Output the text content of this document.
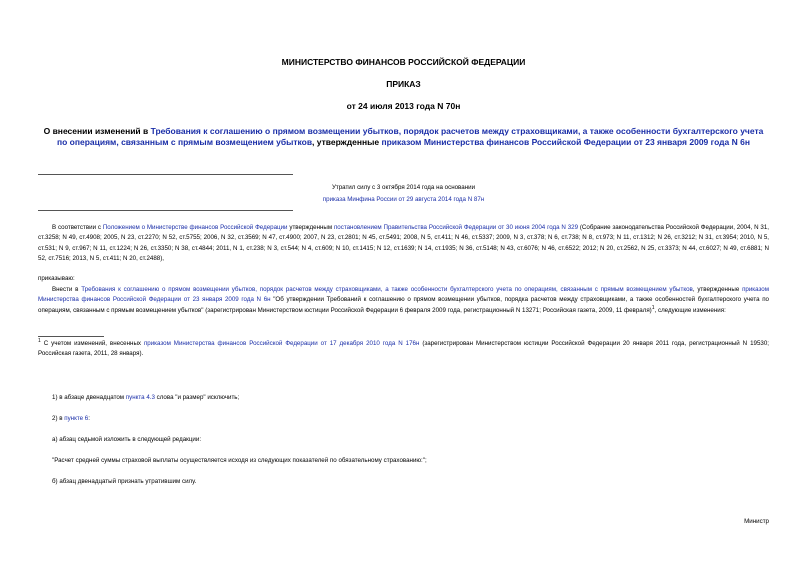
МИНИСТЕРСТВО ФИНАНСОВ РОССИЙСКОЙ ФЕДЕРАЦИИ
ПРИКАЗ
от 24 июля 2013 года N 70н
О внесении изменений в Требования к соглашению о прямом возмещении убытков, порядок расчетов между страховщиками, а также особенности бухгалтерского учета по операциям, связанным с прямым возмещением убытков, утвержденные приказом Министерства финансов Российской Федерации от 23 января 2009 года N 6н
Утратил силу с 3 октября 2014 года на основании
приказа Минфина России от 29 августа 2014 года N 87н
В соответствии с Положением о Министерстве финансов Российской Федерации утвержденным постановлением Правительства Российской Федерации от 30 июня 2004 года N 329 (Собрание законодательства Российской Федерации, 2004, N 31, ст.3258; N 49, ст.4908; 2005, N 23, ст.2270; N 52, ст.5755; 2006, N 32, ст.3569; N 47, ст.4900; 2007, N 23, ст.2801; N 45, ст.5491; 2008, N 5, ст.411; N 46, ст.5337; 2009, N 3, ст.378; N 6, ст.738; N 8, ст.973; N 11, ст.1312; N 26, ст.3212; N 31, ст.3954; 2010, N 5, ст.531; N 9, ст.967; N 11, ст.1224; N 26, ст.3350; N 38, ст.4844; 2011, N 1, ст.238; N 3, ст.544; N 4, ст.609; N 10, ст.1415; N 12, ст.1639; N 14, ст.1935; N 36, ст.5148; N 43, ст.6076; N 46, ст.6522; 2012; N 20, ст.2562, N 25, ст.3373; N 44, ст.6027; N 49, ст.6881; N 52, ст.7516; 2013, N 5, ст.411; N 20, ст.2488),
приказываю:
Внести в Требования к соглашению о прямом возмещении убытков, порядок расчетов между страховщиками, а также особенности бухгалтерского учета по операциям, связанным с прямым возмещением убытков, утвержденные приказом Министерства финансов Российской Федерации от 23 января 2009 года N 6н "Об утверждении Требований к соглашению о прямом возмещении убытков, порядка расчетов между страховщиками, а также особенностей бухгалтерского учета по операциям, связанным с прямым возмещением убытков" (зарегистрирован Министерством юстиции Российской Федерации 6 февраля 2009 года, регистрационный N 13271; Российская газета, 2009, 11 февраля)$^1$, следующие изменения:
$^1$ С учетом изменений, внесенных приказом Министерства финансов Российской Федерации от 17 декабря 2010 года N 176н (зарегистрирован Министерством юстиции Российской Федерации 20 января 2011 года, регистрационный N 19530; Российская газета, 2011, 28 января).
1) в абзаце двенадцатом пункта 4.3 слова "и размер" исключить;
2) в пункте 6:
а) абзац седьмой изложить в следующей редакции:
"Расчет средней суммы страховой выплаты осуществляется исходя из следующих показателей по обязательному страхованию:";
б) абзац двенадцатый признать утратившим силу.
Министр
